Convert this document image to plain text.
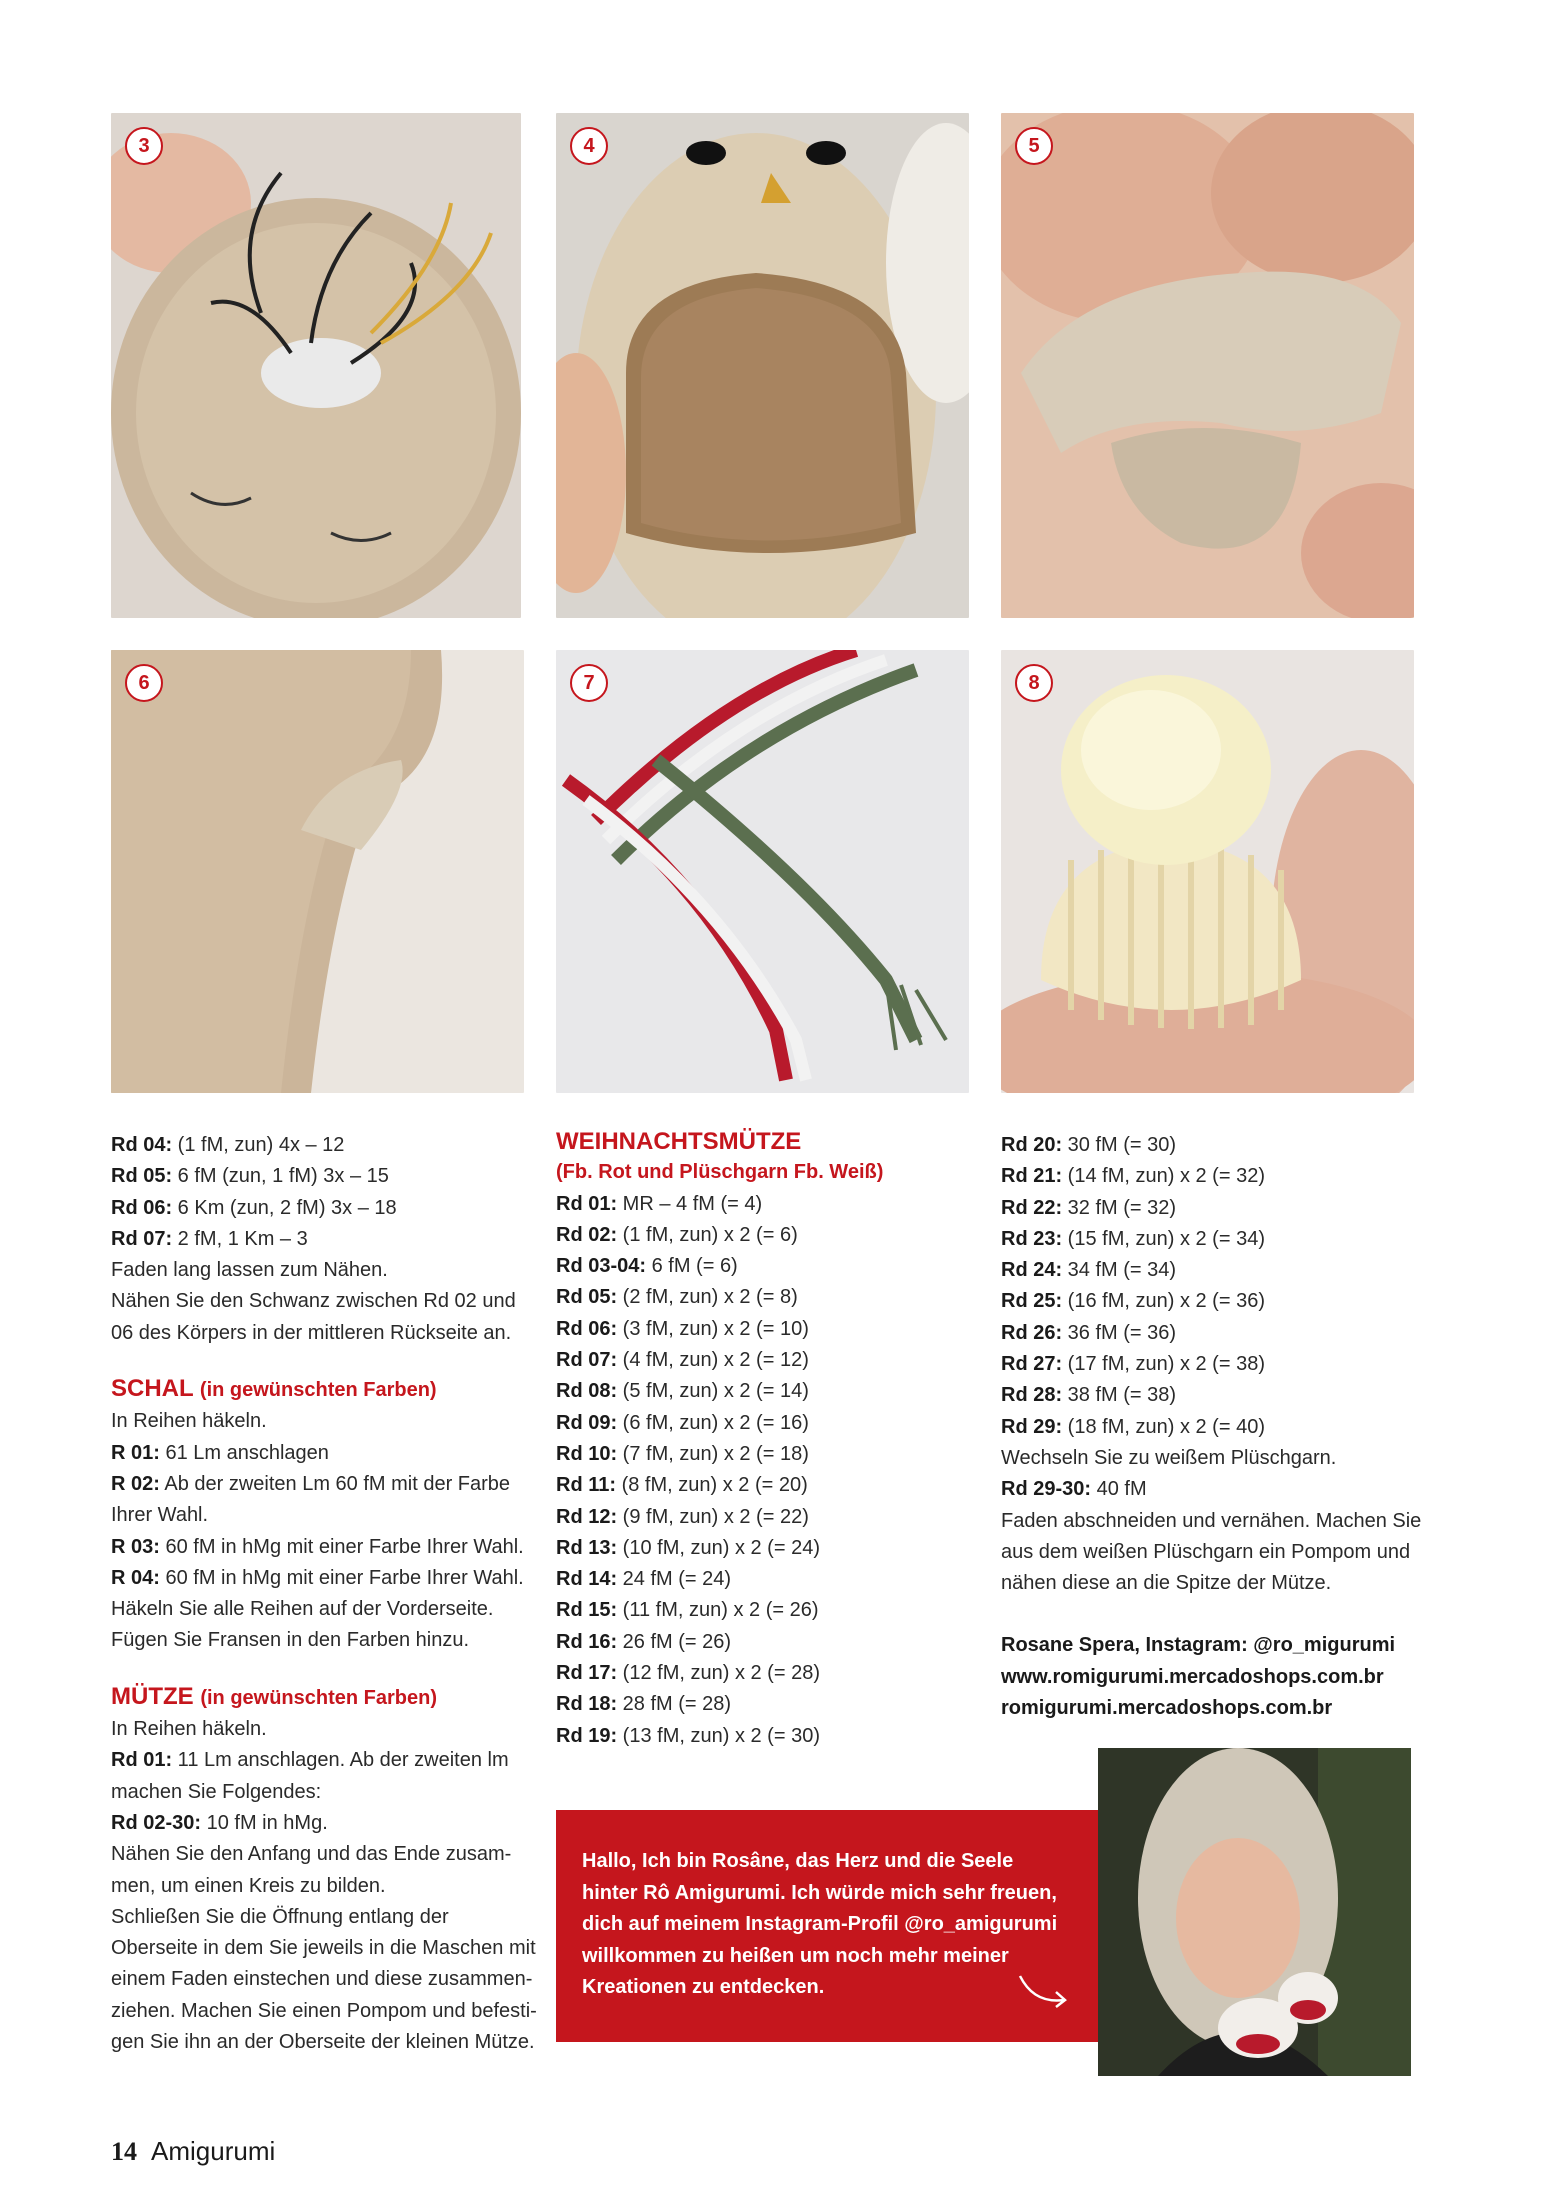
3	4	5
6	7	8
Rd 04: (1 fM, zun) 4x – 12
Rd 05: 6 fM (zun, 1 fM) 3x – 15
Rd 06: 6 Km (zun, 2 fM) 3x – 18
Rd 07: 2 fM, 1 Km – 3
Faden lang lassen zum Nähen.
Nähen Sie den Schwanz zwischen Rd 02 und
06 des Körpers in der mittleren Rückseite an.
SCHAL (in gewünschten Farben)
In Reihen häkeln.
R 01: 61 Lm anschlagen
R 02: Ab der zweiten Lm 60 fM mit der Farbe
Ihrer Wahl.
R 03: 60 fM in hMg mit einer Farbe Ihrer Wahl.
R 04: 60 fM in hMg mit einer Farbe Ihrer Wahl.
Häkeln Sie alle Reihen auf der Vorderseite.
Fügen Sie Fransen in den Farben hinzu.
MÜTZE (in gewünschten Farben)
In Reihen häkeln.
Rd 01: 11 Lm anschlagen. Ab der zweiten lm
machen Sie Folgendes:
Rd 02-30: 10 fM in hMg.
Nähen Sie den Anfang und das Ende zusam-
men, um einen Kreis zu bilden.
Schließen Sie die Öffnung entlang der
Oberseite in dem Sie jeweils in die Maschen mit
einem Faden einstechen und diese zusammen-
ziehen. Machen Sie einen Pompom und befesti-
gen Sie ihn an der Oberseite der kleinen Mütze.
WEIHNACHTSMÜTZE
(Fb. Rot und Plüschgarn Fb. Weiß)
Rd 01: MR – 4 fM (= 4)
Rd 02: (1 fM, zun) x 2 (= 6)
Rd 03-04: 6 fM (= 6)
Rd 05: (2 fM, zun) x 2 (= 8)
Rd 06: (3 fM, zun) x 2 (= 10)
Rd 07: (4 fM, zun) x 2 (= 12)
Rd 08: (5 fM, zun) x 2 (= 14)
Rd 09: (6 fM, zun) x 2 (= 16)
Rd 10: (7 fM, zun) x 2 (= 18)
Rd 11: (8 fM, zun) x 2 (= 20)
Rd 12: (9 fM, zun) x 2 (= 22)
Rd 13: (10 fM, zun) x 2 (= 24)
Rd 14: 24 fM (= 24)
Rd 15: (11 fM, zun) x 2 (= 26)
Rd 16: 26 fM (= 26)
Rd 17: (12 fM, zun) x 2 (= 28)
Rd 18: 28 fM (= 28)
Rd 19: (13 fM, zun) x 2 (= 30)
Rd 20: 30 fM (= 30)
Rd 21: (14 fM, zun) x 2 (= 32)
Rd 22: 32 fM (= 32)
Rd 23: (15 fM, zun) x 2 (= 34)
Rd 24: 34 fM (= 34)
Rd 25: (16 fM, zun) x 2 (= 36)
Rd 26: 36 fM (= 36)
Rd 27: (17 fM, zun) x 2 (= 38)
Rd 28: 38 fM (= 38)
Rd 29: (18 fM, zun) x 2 (= 40)
Wechseln Sie zu weißem Plüschgarn.
Rd 29-30: 40 fM
Faden abschneiden und vernähen. Machen Sie
aus dem weißen Plüschgarn ein Pompom und
nähen diese an die Spitze der Mütze.
Rosane Spera, Instagram: @ro_migurumi
www.romigurumi.mercadoshops.com.br
romigurumi.mercadoshops.com.br
Hallo, Ich bin Rosâne, das Herz und die Seele
hinter Rô Amigurumi. Ich würde mich sehr freuen,
dich auf meinem Instagram-Profil @ro_amigurumi
willkommen zu heißen um noch mehr meiner
Kreationen zu entdecken.
14 Amigurumi
